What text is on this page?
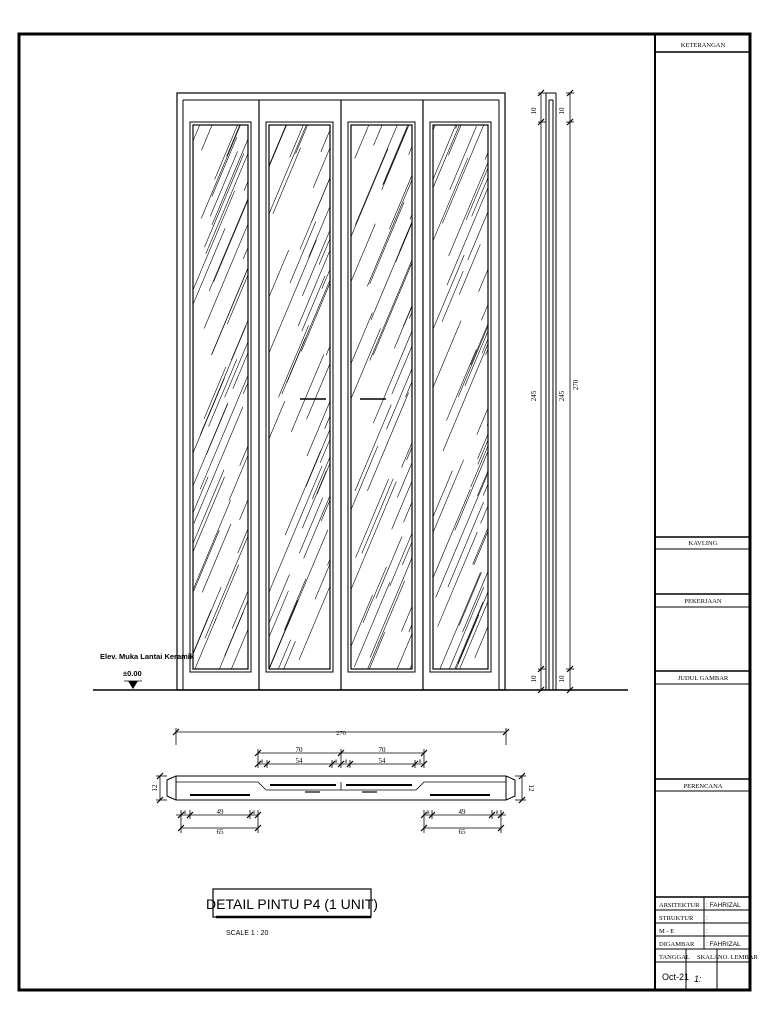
KETERANGAN
KAVLING
PEKERJAAN
JUDUL GAMBAR
PERENCANA
ARSITEKTUR : FAHRIZAL
STRUKTUR :
M - E	:
DIGAMBAR : FAHRIZAL
TANGGAL SKALA NO. LEMBAR
Oct-21 1:
Elev. Muka Lantai Keramik
±0.00
10	10
245	245
270
10	10
270
70	70
54	54
8	8 8	8
12	12
49	49
65	65
8	8	8	8
DETAIL PINTU P4 (1 UNIT)
SCALE 1 : 20
